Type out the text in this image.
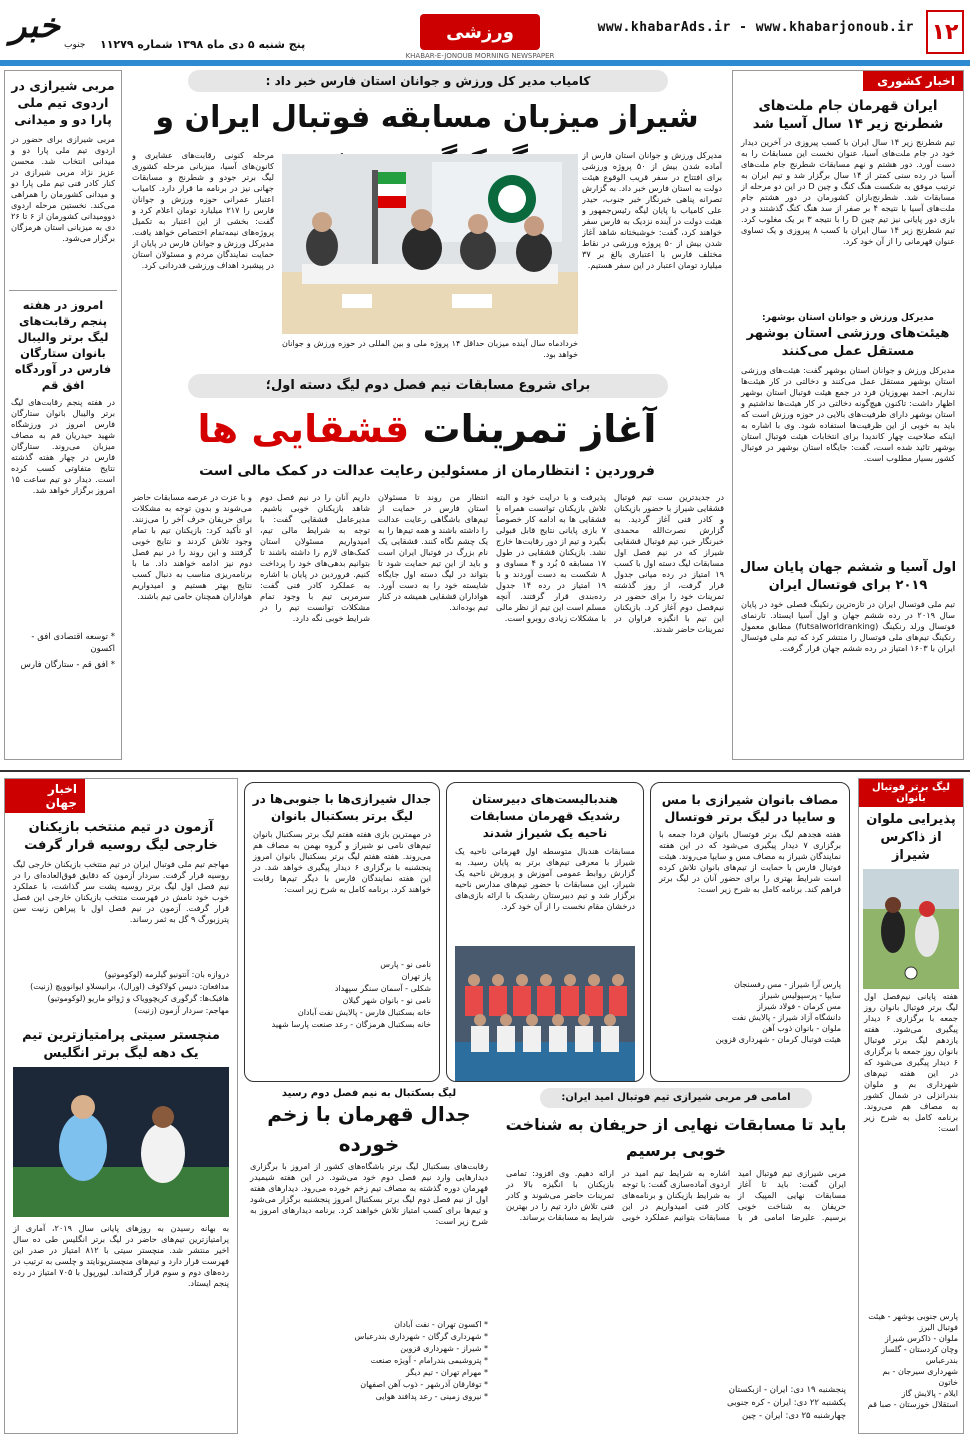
۱۲
www.khabarAds.ir - www.khabarjonoub.ir
ورزشی
KHABAR-E-JONOUB MORNING NEWSPAPER
پنج شنبه ۵ دی ماه ۱۳۹۸ شماره ۱۱۲۷۹
خبر جنوب
اخبار کشوری
ایران قهرمان جام ملت‌های شطرنج زیر ۱۴ سال آسیا شد
تیم شطرنج زیر ۱۴ سال ایران با کسب پیروزی در آخرین دیدار خود در جام ملت‌های آسیا، عنوان نخست این مسابقات را به دست آورد. دور هشتم و نهم مسابقات شطرنج جام ملت‌های آسیا در رده سنی کمتر از ۱۴ سال برگزار شد و تیم ایران به ترتیب موفق به شکست هنگ کنگ و چین D در این دو مرحله از مسابقات شد. شطرنج‌بازان کشورمان در دور هشتم جام ملت‌های آسیا با نتیجه ۴ بر صفر از سد هنگ کنگ گذشتند و در بازی دور پایانی نیز تیم چین D را با نتیجه ۳ بر یک مغلوب کرد. تیم شطرنج زیر ۱۴ سال ایران با کسب ۸ پیروزی و یک تساوی عنوان قهرمانی را از آن خود کرد.
مدیرکل ورزش و جوانان استان بوشهر:
هیئت‌های ورزشی استان بوشهر مستقل عمل می‌کنند
مدیرکل ورزش و جوانان استان بوشهر گفت: هیئت‌های ورزشی استان بوشهر مستقل عمل می‌کنند و دخالتی در کار هیئت‌ها نداریم. احمد بهروزیان فرد در جمع هیئت فوتبال استان بوشهر اظهار داشت: تاکنون هیچ‌گونه دخالتی در کار هیئت‌ها نداشتیم و استان بوشهر دارای ظرفیت‌های بالایی در حوزه ورزش است که باید به خوبی از این ظرفیت‌ها استفاده شود. وی با اشاره به اینکه صلاحیت چهار کاندیدا برای انتخابات هیئت فوتبال استان بوشهر تائید شده است، گفت: جایگاه استان بوشهر در فوتبال کشور بسیار مطلوب است.
اول آسیا و ششم جهان پایان سال ۲۰۱۹ برای فوتسال ایران
تیم ملی فوتسال ایران در تازه‌ترین رنکینگ فصلی خود در پایان سال ۲۰۱۹ در رده ششم جهان و اول آسیا ایستاد. تارنمای فوتسال ورلد رنکینگ (futsalworldranking) مطابق معمول رنکینگ تیم‌های ملی فوتسال را منتشر کرد که تیم ملی فوتسال ایران با ۱۶۰۳ امتیاز در رده ششم جهان قرار گرفت.
کامیاب مدیر کل ورزش و جوانان استان فارس خبر داد :
شیراز میزبان مسابقه فوتبال ایران و
مدیرکل ورزش و جوانان استان فارس از آماده شدن بیش از ۵۰ پروژه ورزشی برای افتتاح در سفر قریب الوقوع هیئت دولت به استان فارس خبر داد. به گزارش تصرانه پناهی خبرنگار خبر جنوب، حیدر علی کامیاب با پایان لیگه رئیس‌جمهور و هیئت دولت در آینده نزدیک به فارس سفر خواهند کرد، گفت: خوشبختانه شاهد آغاز شدن بیش از ۵۰ پروژه ورزشی در نقاط مختلف فارس با اعتباری بالغ بر ۳۷ میلیارد تومان اعتبار در این سفر هستیم.
خردادماه سال آینده میزبان حداقل ۱۴ پروژه ملی و بین المللی در حوزه ورزش و جوانان خواهد بود.
مرحله کنونی رقابت‌های عشایری و کانون‌های آسیا، میزبانی مرحله کشوری لیگ برتر جودو و شطرنج و مسابقات جهانی نیز در برنامه ما قرار دارد. کامیاب اعتبار عمرانی حوزه ورزش و جوانان فارس را ۲۱۷ میلیارد تومان اعلام کرد و گفت: بخشی از این اعتبار به تکمیل پروژه‌های نیمه‌تمام اختصاص خواهد یافت. مدیرکل ورزش و جوانان فارس در پایان از حمایت نمایندگان مردم و مسئولان استان در پیشبرد اهداف ورزشی قدردانی کرد.
مربی شیرازی در اردوی تیم ملی پارا دو و میدانی
مربی شیرازی برای حضور در اردوی تیم ملی پارا دو و میدانی انتخاب شد. محسن عزیز نژاد مربی شیرازی در کنار کادر فنی تیم ملی پارا دو و میدانی کشورمان را همراهی می‌کند. نخستین مرحله اردوی دوومیدانی کشورمان از ۶ تا ۲۶ دی به میزبانی استان هرمزگان برگزار می‌شود.
امروز در هفته پنجم رقابت‌های لیگ برتر والیبال بانوان ستارگان فارس در آوردگاه افق قم
در هفته پنجم رقابت‌های لیگ برتر والیبال بانوان ستارگان فارس امروز در ورزشگاه شهید حیدریان قم به مصاف میزبان می‌روند. ستارگان فارس در چهار هفته گذشته نتایج متفاوتی کسب کرده است. دیدار دو تیم ساعت ۱۵ امروز برگزار خواهد شد.
* توسعه اقتصادی افق - اکسون
* افق قم - ستارگان فارس
برای شروع مسابقات نیم فصل دوم لیگ دسته اول؛
آغاز تمرینات قشقایی ها
فروردین : انتظارمان از مسئولین رعایت عدالت در کمک مالی است
در جدیدترین ست تیم فوتبال قشقایی شیراز با حضور بازیکنان و کادر فنی آغاز گردید. به گزارش نصرت‌الله محمدی خبرنگار خبر، تیم فوتبال قشقایی شیراز که در نیم فصل اول مسابقات لیگ دسته اول با کسب ۱۹ امتیاز در رده میانی جدول قرار گرفت، از روز گذشته تمرینات خود را برای حضور در نیم‌فصل دوم آغاز کرد. بازیکنان این تیم با انگیزه فراوان در تمرینات حاضر شدند.
پذیرفت و با درایت خود و البته تلاش بازیکنان توانست همراه با قشقایی ها به ادامه کار خصوصاً ۷ بازی پایانی نتایج قابل قبولی بگیرد و تیم از دور رقابت‌ها خارج نشد. بازیکنان قشقایی در طول ۱۷ مسابقه ۵ بُرد و ۴ مساوی و ۸ شکست به دست آوردند و با ۱۹ امتیاز در رده ۱۴ جدول رده‌بندی قرار گرفتند. آنچه مسلم است این تیم از نظر مالی با مشکلات زیادی روبرو است.
انتظار من روند تا مسئولان استان فارس در حمایت از تیم‌های باشگاهی رعایت عدالت را داشته باشند و همه تیم‌ها را به یک چشم نگاه کنند. قشقایی یک نام بزرگ در فوتبال ایران است و باید از این تیم حمایت شود تا بتواند در لیگ دسته اول جایگاه شایسته خود را به دست آورد. هواداران قشقایی همیشه در کنار تیم بوده‌اند.
داریم آنان را در نیم فصل دوم شاهد بازیکنان خوبی باشیم. مدیرعامل قشقایی گفت: با توجه به شرایط مالی تیم، امیدواریم مسئولان استان کمک‌های لازم را داشته باشند تا بتوانیم بدهی‌های خود را پرداخت کنیم. فروردین در پایان با اشاره به عملکرد کادر فنی گفت: سرمربی تیم با وجود تمام مشکلات توانست تیم را در شرایط خوبی نگه دارد.
و با عزت در عرصه مسابقات حاضر می‌شوند و بدون توجه به مشکلات برای حریفان حرف آخر را می‌زنند. او تأکید کرد: بازیکنان تیم با تمام وجود تلاش کردند و نتایج خوبی گرفتند و این روند را در نیم فصل دوم نیز ادامه خواهند داد. ما با برنامه‌ریزی مناسب به دنبال کسب نتایج بهتر هستیم و امیدواریم هواداران همچنان حامی تیم باشند.
لیگ برتر فوتبال بانوان
پذیرایی ملوان از ذاکرس شیراز
هفته پایانی نیم‌فصل اول لیگ برتر فوتبال بانوان روز جمعه با برگزاری ۶ دیدار پیگیری می‌شود. هفته یازدهم لیگ برتر فوتبال بانوان روز جمعه با برگزاری ۶ دیدار پیگیری می‌شود که در این هفته تیم‌های شهرداری بم و ملوان بندرانزلی در شمال کشور به مصاف هم می‌روند. برنامه کامل به شرح زیر است:
پارس جنوبی بوشهر - هیئت فوتبال البرز
ملوان - ذاکرس شیراز
وچان کردستان - گلساز بندرعباس
شهرداری سیرجان - بم خاتون
ایلام - پالایش گاز
استقلال خوزستان - صبا قم
مصاف بانوان شیرازی با مس و سایپا در لیگ برتر فوتسال
هفته هجدهم لیگ برتر فوتسال بانوان فردا جمعه با برگزاری ۷ دیدار پیگیری می‌شود که در این هفته نمایندگان شیراز به مصاف مس و سایپا می‌روند. هیئت فوتبال فارس با حمایت از تیم‌های بانوان تلاش کرده است شرایط بهتری را برای حضور آنان در لیگ برتر فراهم کند. برنامه کامل به شرح زیر است:
پارس آرا شیراز - مس رفسنجان
سایپا - پرسپولیس شیراز
مس کرمان - فولاد شیراز
دانشگاه آزاد شیراز - پالایش نفت
ملوان - بانوان ذوب آهن
هیئت فوتبال کرمان - شهرداری قزوین
هندبالیست‌های دبیرستان رشدیک قهرمان مسابقات ناحیه یک شیراز شدند
مسابقات هندبال متوسطه اول قهرمانی ناحیه یک شیراز با معرفی تیم‌های برتر به پایان رسید. به گزارش روابط عمومی آموزش و پرورش ناحیه یک شیراز، این مسابقات با حضور تیم‌های مدارس ناحیه برگزار شد و تیم دبیرستان رشدیک با ارائه بازی‌های درخشان مقام نخست را از آن خود کرد.
جدال شیرازی‌ها با جنوبی‌ها در لیگ برتر بسکتبال بانوان
در مهمترین بازی هفته هفتم لیگ برتر بسکتبال بانوان تیم‌های نامی نو شیراز و گروه بهمن به مصاف هم می‌روند. هفته هفتم لیگ برتر بسکتبال بانوان امروز پنجشنبه با برگزاری ۶ دیدار پیگیری خواهد شد. در این هفته نمایندگان فارس با دیگر تیم‌ها رقابت خواهند کرد. برنامه کامل به شرح زیر است:
نامی نو - پارس
پاز تهران
شکلی - آسمان سنگر سپهداد
نامی نو - بانوان شهر گیلان
خانه بسکتبال فارس - پالایش نفت آبادان
خانه بسکتبال هرمزگان - رعد صنعت پارسا شهید
اخبار جهان
آزمون در تیم منتخب بازیکنان خارجی لیگ روسیه قرار گرفت
مهاجم تیم ملی فوتبال ایران در تیم منتخب بازیکنان خارجی لیگ روسیه قرار گرفت. سردار آزمون که دقایق فوق‌العاده‌ای را در نیم فصل اول لیگ برتر روسیه پشت سر گذاشت، با عملکرد خوب خود نامش در فهرست منتخب بازیکنان خارجی این فصل قرار گرفت. آزمون در نیم فصل اول با پیراهن زنیت سن پترزبورگ ۹ گل به ثمر رساند.
دروازه بان: آنتونیو گیلرمه (لوکوموتیو)
مدافعان: دنیس کولاکوف (اورال)، برانیسلاو ایوانوویچ (زنیت)
هافبک‌ها: گرگوری کریچوویاک و ژوائو ماریو (لوکوموتیو)
مهاجم: سردار آزمون (زنیت)
منچستر سیتی پرامتیازترین تیم یک دهه لیگ برتر انگلیس
به بهانه رسیدن به روزهای پایانی سال ۲۰۱۹، آماری از پرامتیازترین تیم‌های حاضر در لیگ برتر انگلیس طی ده سال اخیر منتشر شد. منچستر سیتی با ۸۱۲ امتیاز در صدر این فهرست قرار دارد و تیم‌های منچستریونایتد و چلسی به ترتیب در رده‌های دوم و سوم قرار گرفته‌اند. لیورپول با ۷۰۵ امتیاز در رده پنجم ایستاد.
لیگ بسکتبال به نیم فصل دوم رسید
جدال قهرمان با زخم خورده
رقابت‌های بسکتبال لیگ برتر باشگاه‌های کشور از امروز با برگزاری دیدارهایی وارد نیم فصل دوم خود می‌شود. در این هفته شیمیدر قهرمان دوره گذشته به مصاف تیم زخم خورده می‌رود. دیدارهای هفته اول از نیم فصل دوم لیگ برتر بسکتبال امروز پنجشنبه برگزار می‌شود و تیم‌ها برای کسب امتیاز تلاش خواهند کرد. برنامه دیدارهای امروز به شرح زیر است:
* اکسون تهران - نفت آبادان
* شهرداری گرگان - شهرداری بندرعباس
* شیراز - شهرداری قزوین
* پتروشیمی بندرامام - آویژه صنعت
* مهرام تهران - تیم دیگر
* توفارقان آذرشهر - ذوب آهن اصفهان
* نیروی زمینی - رعد پدافند هوایی
امامی فر مربی شیرازی تیم فوتبال امید ایران:
باید تا مسابقات نهایی از حریفان به شناخت خوبی برسیم
مربی شیرازی تیم فوتبال امید ایران گفت: باید تا آغاز مسابقات نهایی المپیک از حریفان به شناخت خوبی برسیم. علیرضا امامی فر با اشاره به شرایط تیم امید در اردوی آماده‌سازی گفت: با توجه به شرایط بازیکنان و برنامه‌های کادر فنی امیدواریم در این مسابقات بتوانیم عملکرد خوبی ارائه دهیم. وی افزود: تمامی بازیکنان با انگیزه بالا در تمرینات حاضر می‌شوند و کادر فنی تلاش دارد تیم را در بهترین شرایط به مسابقات برساند.
پنجشنبه ۱۹ دی: ایران - ازبکستان
یکشنبه ۲۲ دی: ایران - کره جنوبی
چهارشنبه ۲۵ دی: ایران - چین
